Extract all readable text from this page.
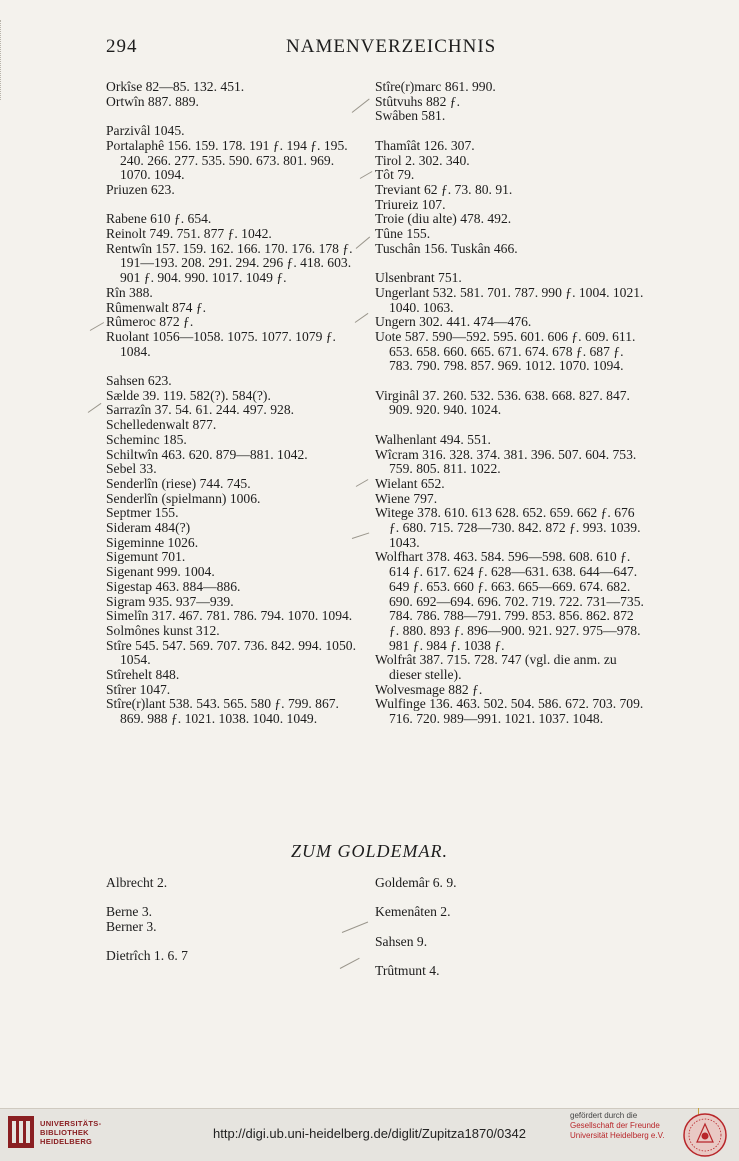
294	NAMENVERZEICHNIS
Orkîse 82—85. 132. 451.
Ortwîn 887. 889.
Parzivâl 1045.
Portalaphê 156. 159. 178. 191 ƒ. 194 ƒ. 195. 240. 266. 277. 535. 590. 673. 801. 969. 1070. 1094.
Priuzen 623.
Rabene 610 ƒ. 654.
Reinolt 749. 751. 877 ƒ. 1042.
Rentwîn 157. 159. 162. 166. 170. 176. 178 ƒ. 191—193. 208. 291. 294. 296 ƒ. 418. 603. 901 ƒ. 904. 990. 1017. 1049 ƒ.
Rîn 388.
Rûmenwalt 874 ƒ.
Rûmeroc 872 ƒ.
Ruolant 1056—1058. 1075. 1077. 1079 ƒ. 1084.
Sahsen 623.
Sælde 39. 119. 582(?). 584(?).
Sarrazîn 37. 54. 61. 244. 497. 928.
Schelledenwalt 877.
Scheminc 185.
Schiltwîn 463. 620. 879—881. 1042.
Sebel 33.
Senderlîn (riese) 744. 745.
Senderlîn (spielmann) 1006.
Septmer 155.
Sideram 484(?)
Sigeminne 1026.
Sigemunt 701.
Sigenant 999. 1004.
Sigestap 463. 884—886.
Sigram 935. 937—939.
Simelîn 317. 467. 781. 786. 794. 1070. 1094.
Solmônes kunst 312.
Stîre 545. 547. 569. 707. 736. 842. 994. 1050. 1054.
Stîrehelt 848.
Stîrer 1047.
Stîre(r)lant 538. 543. 565. 580 ƒ. 799. 867. 869. 988 ƒ. 1021. 1038. 1040. 1049.
Stîre(r)marc 861. 990.
Stûtvuhs 882 ƒ.
Swâben 581.
Thamîât 126. 307.
Tirol 2. 302. 340.
Tôt 79.
Treviant 62 ƒ. 73. 80. 91.
Triureiz 107.
Troie (diu alte) 478. 492.
Tûne 155.
Tuschân 156. Tuskân 466.
Ulsenbrant 751.
Ungerlant 532. 581. 701. 787. 990 ƒ. 1004. 1021. 1040. 1063.
Ungern 302. 441. 474—476.
Uote 587. 590—592. 595. 601. 606 ƒ. 609. 611. 653. 658. 660. 665. 671. 674. 678 ƒ. 687 ƒ. 783. 790. 798. 857. 969. 1012. 1070. 1094.
Virginâl 37. 260. 532. 536. 638. 668. 827. 847. 909. 920. 940. 1024.
Walhenlant 494. 551.
Wîcram 316. 328. 374. 381. 396. 507. 604. 753. 759. 805. 811. 1022.
Wielant 652.
Wiene 797.
Witege 378. 610. 613 628. 652. 659. 662 ƒ. 676 ƒ. 680. 715. 728—730. 842. 872 ƒ. 993. 1039. 1043.
Wolfhart 378. 463. 584. 596—598. 608. 610 ƒ. 614 ƒ. 617. 624 ƒ. 628—631. 638. 644—647. 649 ƒ. 653. 660 ƒ. 663. 665—669. 674. 682. 690. 692—694. 696. 702. 719. 722. 731—735. 784. 786. 788—791. 799. 853. 856. 862. 872 ƒ. 880. 893 ƒ. 896—900. 921. 927. 975—978. 981 ƒ. 984 ƒ. 1038 ƒ.
Wolfrât 387. 715. 728. 747 (vgl. die anm. zu dieser stelle).
Wolvesmage 882 ƒ.
Wulfinge 136. 463. 502. 504. 586. 672. 703. 709. 716. 720. 989—991. 1021. 1037. 1048.
ZUM GOLDEMAR.
Albrecht 2.
Berne 3.
Berner 3.
Dietrîch 1. 6. 7
Goldemâr 6. 9.
Kemenâten 2.
Sahsen 9.
Trûtmunt 4.
UNIVERSITÄTS-
BIBLIOTHEK
HEIDELBERG
http://digi.ub.uni-heidelberg.de/diglit/Zupitza1870/0342
gefördert durch die
Gesellschaft der Freunde
Universität Heidelberg e.V.
